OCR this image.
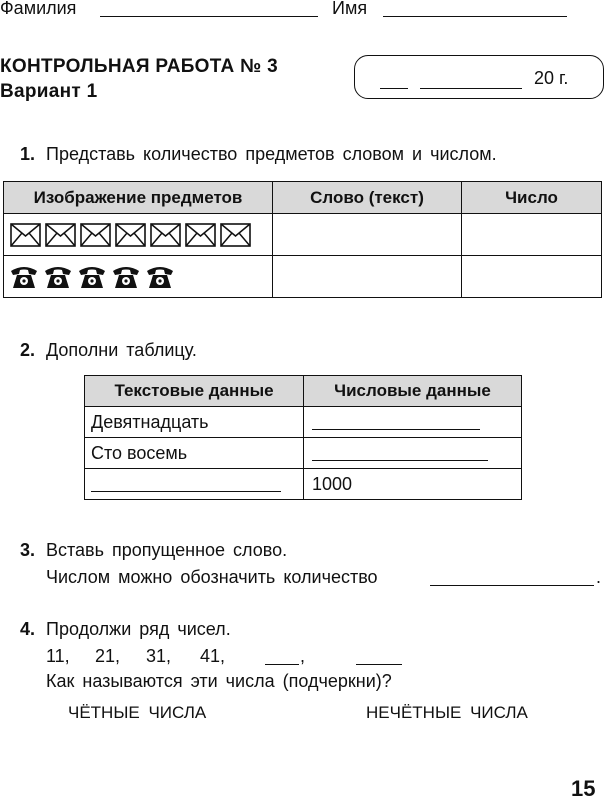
Фамилия	Имя
КОНТРОЛЬНАЯ РАБОТА № 3
Вариант 1
20 г.
1. Представь количество предметов словом и числом.
Изображение предметов	Слово (текст)	Число

2. Дополни таблицу.
Текстовые данные	Числовые данные
Девятнадцать	

Сто восемь	

	1000
3. Вставь пропущенное слово.
Числом можно обозначить количество	.
4. Продолжи ряд чисел.
11, 21, 31, 41,	,
Как называются эти числа (подчеркни)?
ЧЁТНЫЕ ЧИСЛА	НЕЧЁТНЫЕ ЧИСЛА
15
